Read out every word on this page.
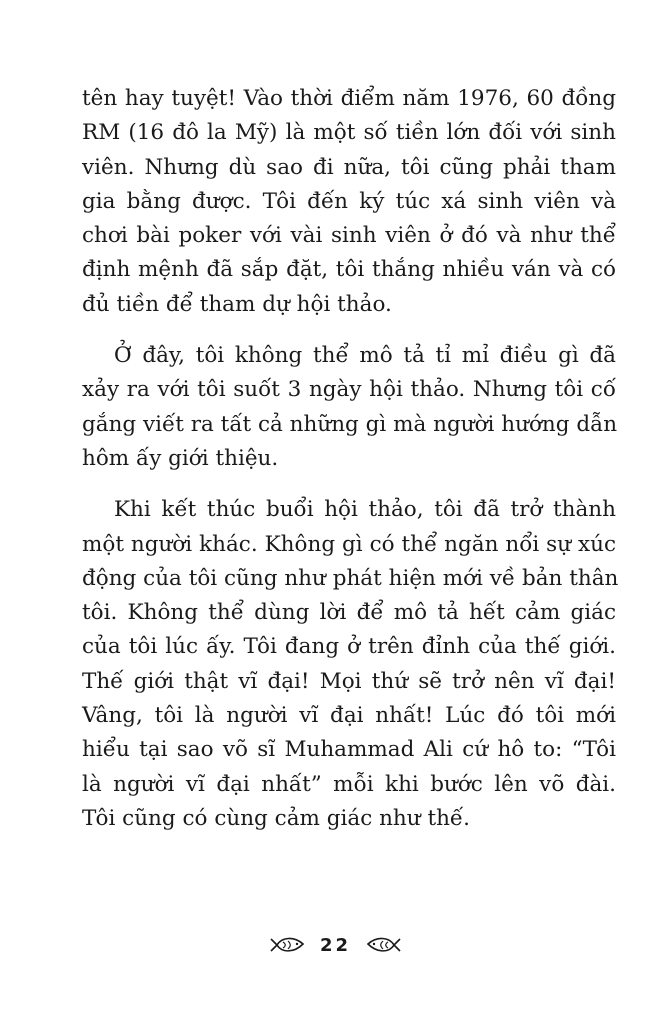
tên hay tuyệt! Vào thời điểm năm 1976, 60 đồng
RM (16 đô la Mỹ) là một số tiền lớn đối với sinh
viên. Nhưng dù sao đi nữa, tôi cũng phải tham
gia bằng được. Tôi đến ký túc xá sinh viên và
chơi bài poker với vài sinh viên ở đó và như thể
định mệnh đã sắp đặt, tôi thắng nhiều ván và có
đủ tiền để tham dự hội thảo.
Ở đây, tôi không thể mô tả tỉ mỉ điều gì đã
xảy ra với tôi suốt 3 ngày hội thảo. Nhưng tôi cố
gắng viết ra tất cả những gì mà người hướng dẫn
hôm ấy giới thiệu.
Khi kết thúc buổi hội thảo, tôi đã trở thành
một người khác. Không gì có thể ngăn nổi sự xúc
động của tôi cũng như phát hiện mới về bản thân
tôi. Không thể dùng lời để mô tả hết cảm giác
của tôi lúc ấy. Tôi đang ở trên đỉnh của thế giới.
Thế giới thật vĩ đại! Mọi thứ sẽ trở nên vĩ đại!
Vâng, tôi là người vĩ đại nhất! Lúc đó tôi mới
hiểu tại sao võ sĩ Muhammad Ali cứ hô to: “Tôi
là người vĩ đại nhất” mỗi khi bước lên võ đài.
Tôi cũng có cùng cảm giác như thế.
22
